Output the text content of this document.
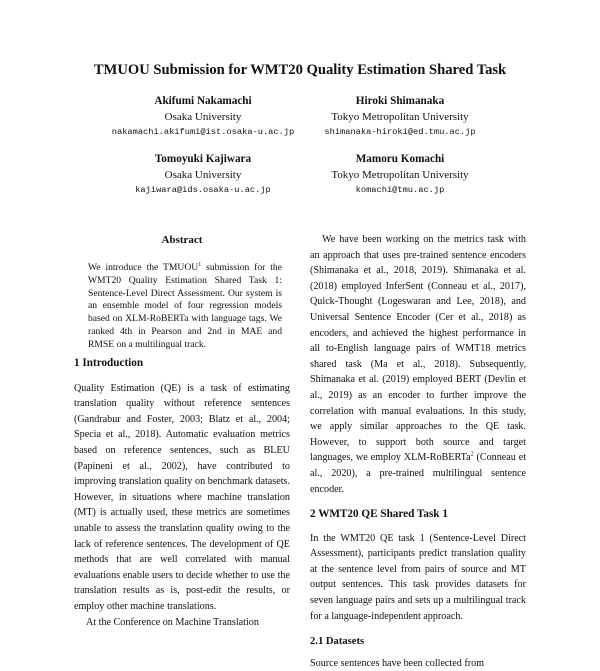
TMUOU Submission for WMT20 Quality Estimation Shared Task
Akifumi Nakamachi
Osaka University
nakamachi.akifumi@ist.osaka-u.ac.jp
Hiroki Shimanaka
Tokyo Metropolitan University
shimanaka-hiroki@ed.tmu.ac.jp
Tomoyuki Kajiwara
Osaka University
kajiwara@ids.osaka-u.ac.jp
Mamoru Komachi
Tokyo Metropolitan University
komachi@tmu.ac.jp
Abstract
We introduce the TMUOU$^1$ submission for the WMT20 Quality Estimation Shared Task 1: Sentence-Level Direct Assessment. Our system is an ensemble model of four regression models based on XLM-RoBERTa with language tags. We ranked 4th in Pearson and 2nd in MAE and RMSE on a multilingual track.
1 Introduction

Quality Estimation (QE) is a task of estimating translation quality without reference sentences (Gandrabur and Foster, 2003; Blatz et al., 2004; Specia et al., 2018). Automatic evaluation metrics based on reference sentences, such as BLEU (Papineni et al., 2002), have contributed to improving translation quality on benchmark datasets. However, in situations where machine translation (MT) is actually used, these metrics are sometimes unable to assess the translation quality owing to the lack of reference sentences. The development of QE methods that are well correlated with manual evaluations enable users to decide whether to use the translation results as is, post-edit the results, or employ other machine translations.

At the Conference on Machine Translation

We have been working on the metrics task with an approach that uses pre-trained sentence encoders (Shimanaka et al., 2018, 2019). Shimanaka et al. (2018) employed InferSent (Conneau et al., 2017), Quick-Thought (Logeswaran and Lee, 2018), and Universal Sentence Encoder (Cer et al., 2018) as encoders, and achieved the highest performance in all to-English language pairs of WMT18 metrics shared task (Ma et al., 2018). Subsequently, Shimanaka et al. (2019) employed BERT (Devlin et al., 2019) as an encoder to further improve the correlation with manual evaluations. In this study, we apply similar approaches to the QE task. However, to support both source and target languages, we employ XLM-RoBERTa$^2$ (Conneau et al., 2020), a pre-trained multilingual sentence encoder.

2 WMT20 QE Shared Task 1

In the WMT20 QE task 1 (Sentence-Level Direct Assessment), participants predict translation quality at the sentence level from pairs of source and MT output sentences. This task provides datasets for seven language pairs and sets up a multilingual track for a language-independent approach.

2.1 Datasets

Source sentences have been collected from
